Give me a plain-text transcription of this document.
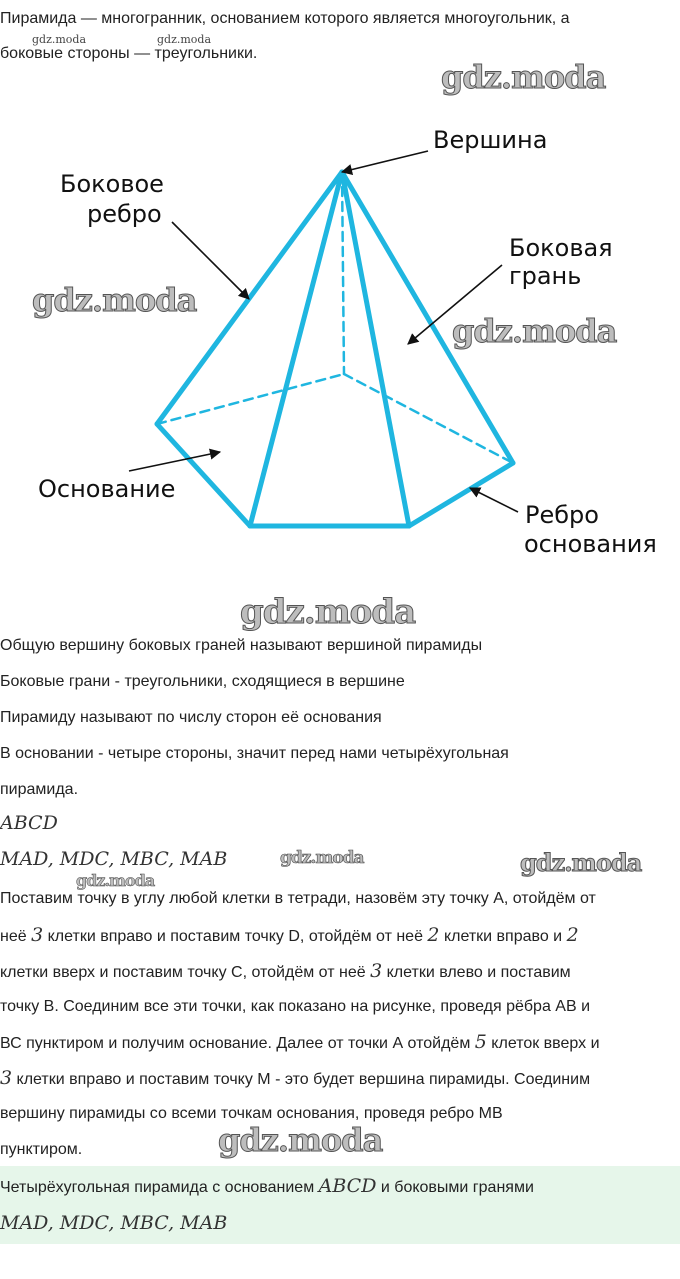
Пирамида — многогранник, основанием которого является многоугольник, а

боковые стороны — треугольники.

gdz.moda	gdz.moda
gdz.moda
Вершина
Боковое
ребро
Боковая
грань
Основание
Ребро
основания
gdz.moda
gdz.moda
gdz.moda

Общую вершину боковых граней называют вершиной пирамиды

Боковые грани - треугольники, сходящиеся в вершине

Пирамиду называют по числу сторон её основания

В основании - четыре стороны, значит перед нами четырёхугольная

пирамида.

ABCD

MAD, MDC, MBC, MAB	gdz.moda	gdz.moda
gdz.moda

Поставим точку в углу любой клетки в тетради, назовём эту точку А, отойдём от

неё 3 клетки вправо и поставим точку D, отойдём от неё 2 клетки вправо и 2

клетки вверх и поставим точку С, отойдём от неё 3 клетки влево и поставим

точку В. Соединим все эти точки, как показано на рисунке, проведя рёбра АВ и

ВС пунктиром и получим основание. Далее от точки А отойдём 5 клеток вверх и

3 клетки вправо и поставим точку М - это будет вершина пирамиды. Соединим

вершину пирамиды со всеми точкам основания, проведя ребро МВ

пунктиром.	gdz.moda

Четырёхугольная пирамида с основанием ABCD и боковыми гранями

MAD, MDC, MBC, MAB
